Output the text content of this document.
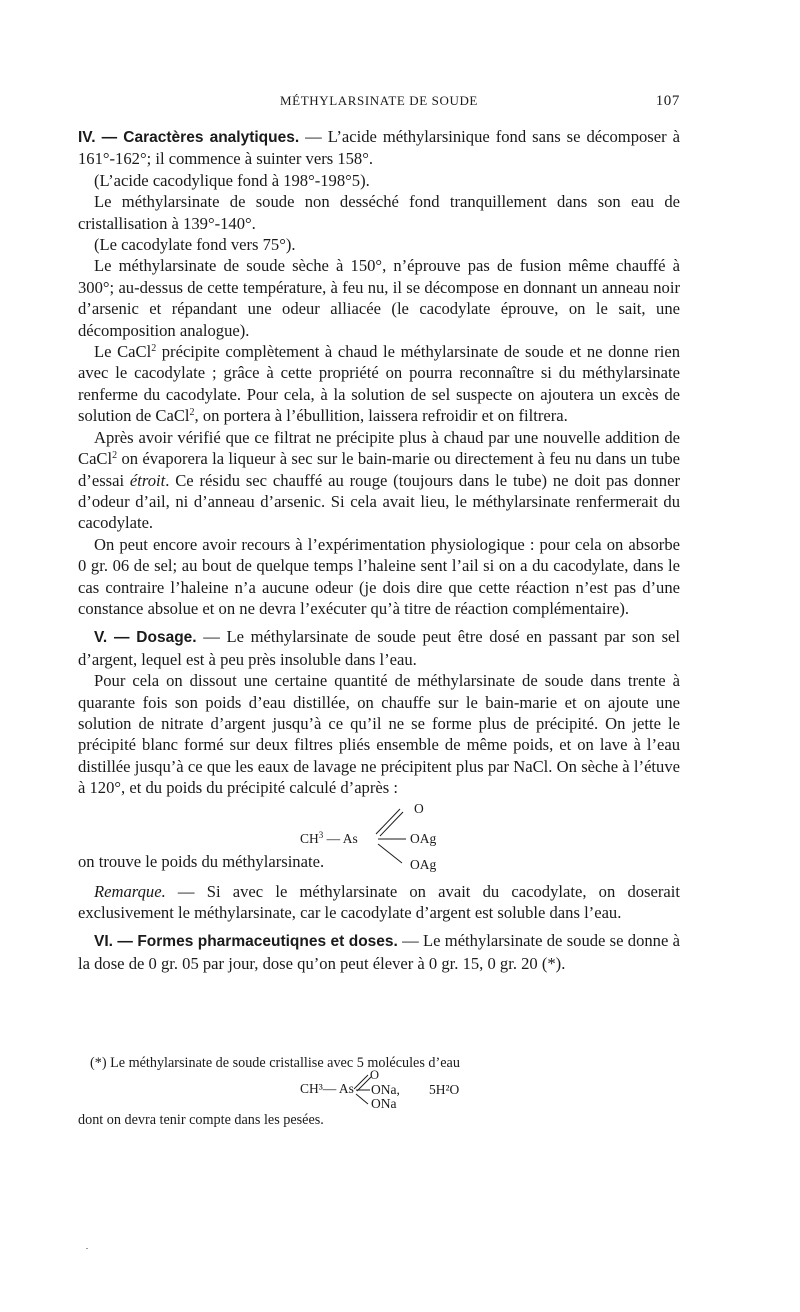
MÉTHYLARSINATE DE SOUDE	107

IV. — Caractères analytiques. — L’acide méthylarsinique fond sans se décomposer à 161°-162°; il commence à suinter vers 158°.

(L’acide cacodylique fond à 198°-198°5).

Le méthylarsinate de soude non desséché fond tranquillement dans son eau de cristallisation à 139°-140°.

(Le cacodylate fond vers 75°).

Le méthylarsinate de soude sèche à 150°, n’éprouve pas de fusion même chauffé à 300°; au-dessus de cette température, à feu nu, il se décompose en donnant un anneau noir d’arsenic et répandant une odeur alliacée (le cacodylate éprouve, on le sait, une décomposition analogue).

Le CaCl$^2$ précipite complètement à chaud le méthylarsinate de soude et ne donne rien avec le cacodylate ; grâce à cette propriété on pourra reconnaître si du méthylarsinate renferme du cacodylate. Pour cela, à la solution de sel suspecte on ajoutera un excès de solution de CaCl$^2$, on portera à l’ébullition, laissera refroidir et on filtrera.

Après avoir vérifié que ce filtrat ne précipite plus à chaud par une nouvelle addition de CaCl$^2$ on évaporera la liqueur à sec sur le bain-marie ou directement à feu nu dans un tube d’essai étroit. Ce résidu sec chauffé au rouge (toujours dans le tube) ne doit pas donner d’odeur d’ail, ni d’anneau d’arsenic. Si cela avait lieu, le méthylarsinate renfermerait du cacodylate.

On peut encore avoir recours à l’expérimentation physiologique : pour cela on absorbe 0 gr. 06 de sel; au bout de quelque temps l’haleine sent l’ail si on a du cacodylate, dans le cas contraire l’haleine n’a aucune odeur (je dois dire que cette réaction n’est pas d’une constance absolue et on ne devra l’exécuter qu’à titre de réaction complémentaire).

V. — Dosage. — Le méthylarsinate de soude peut être dosé en passant par son sel d’argent, lequel est à peu près insoluble dans l’eau.

Pour cela on dissout une certaine quantité de méthylarsinate de soude dans trente à quarante fois son poids d’eau distillée, on chauffe sur le bain-marie et on ajoute une solution de nitrate d’argent jusqu’à ce qu’il ne se forme plus de précipité. On jette le précipité blanc formé sur deux filtres pliés ensemble de même poids, et on lave à l’eau distillée jusqu’à ce que les eaux de lavage ne précipitent plus par NaCl. On sèche à l’étuve à 120°, et du poids du précipité calculé d’après :

$CH^3$ — As
O
OAg
OAg
on trouve le poids du méthylarsinate.

Remarque. — Si avec le méthylarsinate on avait du cacodylate, on doserait exclusivement le méthylarsinate, car le cacodylate d’argent est soluble dans l’eau.

VI. — Formes pharmaceutiqnes et doses. — Le méthylarsinate de soude se donne à la dose de 0 gr. 05 par jour, dose qu’on peut élever à 0 gr. 15, 0 gr. 20 (*).

(*) Le méthylarsinate de soude cristallise avec 5 molécules d’eau
CH³— As
O
ONa,
ONa
5H²O
dont on devra tenir compte dans les pesées.
